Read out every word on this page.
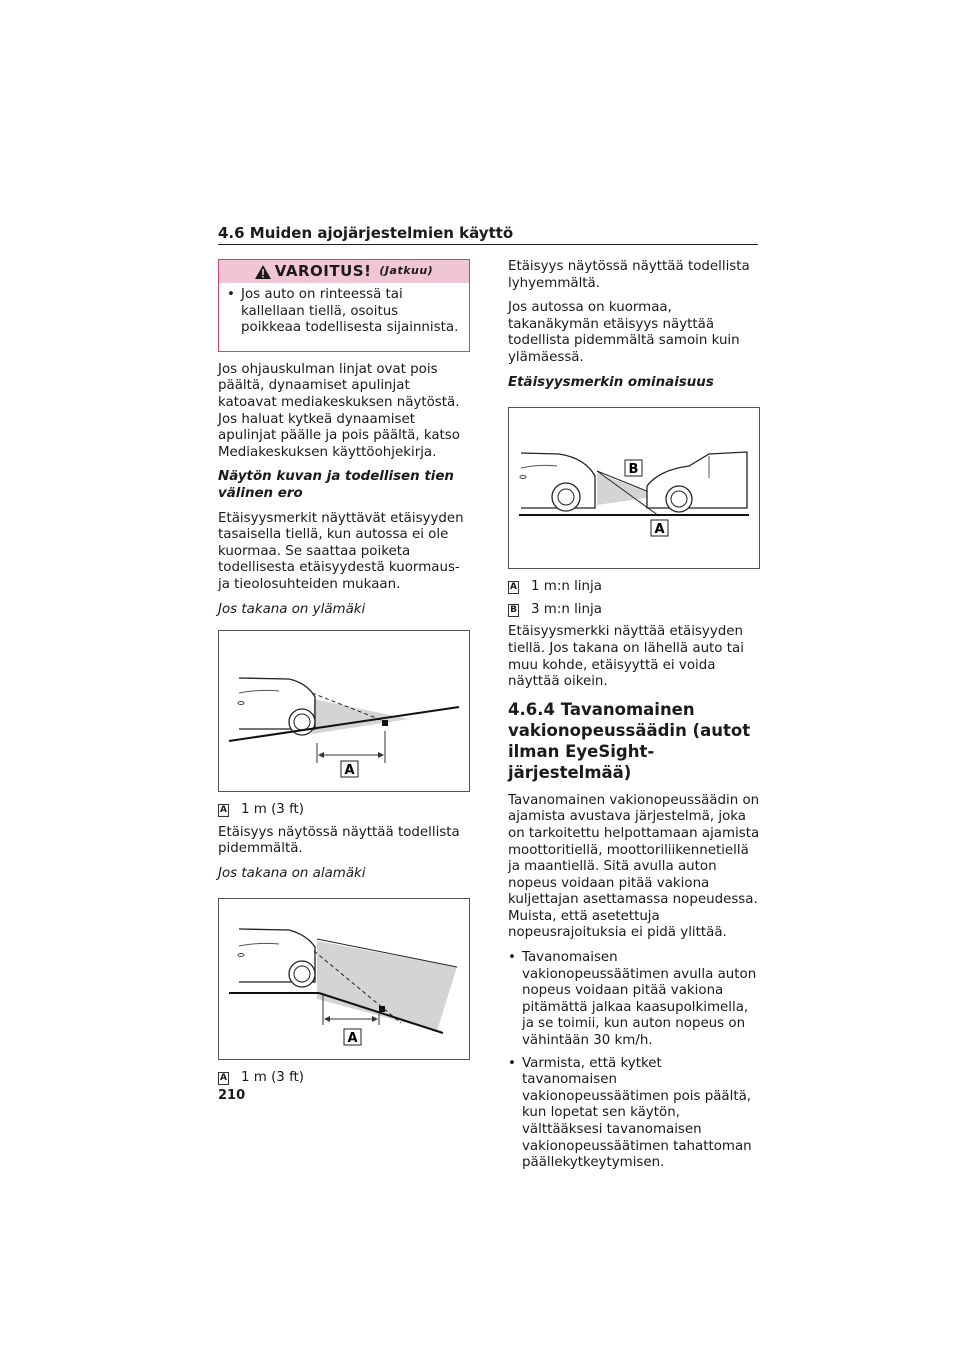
4.6 Muiden ajojärjestelmien käyttö
VAROITUS! (Jatkuu)
• Jos auto on rinteessä tai kallellaan tiellä, osoitus poikkeaa todellisesta sijainnista.

Jos ohjauskulman linjat ovat pois päältä, dynaamiset apulinjat katoavat mediakeskuksen näytöstä. Jos haluat kytkeä dynaamiset apulinjat päälle ja pois päältä, katso Mediakeskuksen käyttöohjekirja.

Näytön kuvan ja todellisen tien välinen ero

Etäisyysmerkit näyttävät etäisyyden tasaisella tiellä, kun autossa ei ole kuormaa. Se saattaa poiketa todellisesta etäisyydestä kuormaus- ja tieolosuhteiden mukaan.

Jos takana on ylämäki
A
A 1 m (3 ft)

Etäisyys näytössä näyttää todellista pidemmältä.

Jos takana on alamäki
A
A 1 m (3 ft)

Etäisyys näytössä näyttää todellista lyhyemmältä.

Jos autossa on kuormaa, takanäkymän etäisyys näyttää todellista pidemmältä samoin kuin ylämäessä.

Etäisyysmerkin ominaisuus
B
A
A 1 m:n linja
B 3 m:n linja

Etäisyysmerkki näyttää etäisyyden tiellä. Jos takana on lähellä auto tai muu kohde, etäisyyttä ei voida näyttää oikein.

4.6.4 Tavanomainen vakionopeussäädin (autot ilman EyeSight-järjestelmää)

Tavanomainen vakionopeussäädin on ajamista avustava järjestelmä, joka on tarkoitettu helpottamaan ajamista moottoritiellä, moottoriliikennetiellä ja maantiellä. Sitä avulla auton nopeus voidaan pitää vakiona kuljettajan asettamassa nopeudessa. Muista, että asetettuja nopeusrajoituksia ei pidä ylittää.

• Tavanomaisen vakionopeussäätimen avulla auton nopeus voidaan pitää vakiona pitämättä jalkaa kaasupolkimella, ja se toimii, kun auton nopeus on vähintään 30 km/h.
• Varmista, että kytket tavanomaisen vakionopeussäätimen pois päältä, kun lopetat sen käytön, välttääksesi tavanomaisen vakionopeussäätimen tahattoman päällekytkeytymisen.
210
